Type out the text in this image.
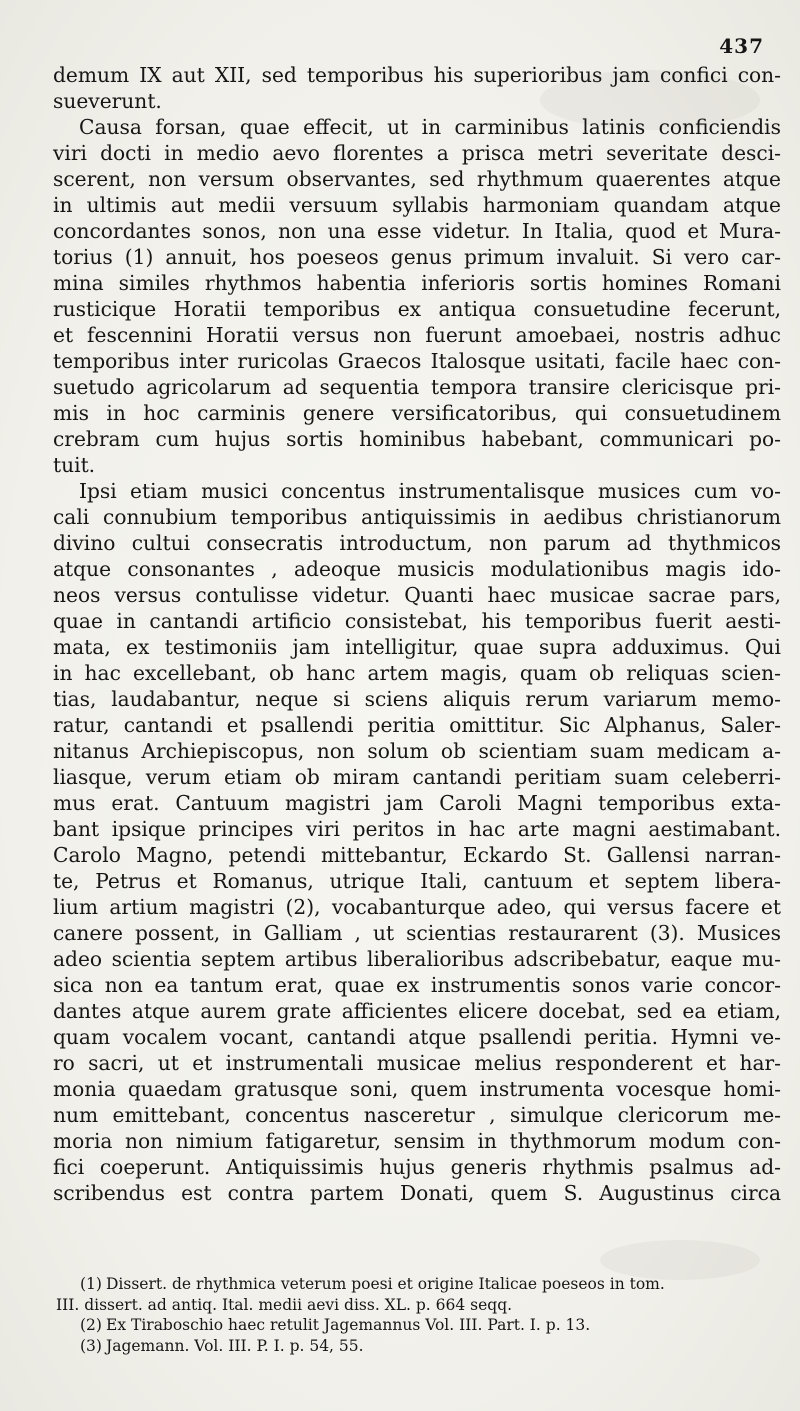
437
demum IX aut XII, sed temporibus his superioribus jam confici con-
sueverunt.
Causa forsan, quae effecit, ut in carminibus latinis conficiendis
viri docti in medio aevo florentes a prisca metri severitate desci-
scerent, non versum observantes, sed rhythmum quaerentes atque
in ultimis aut medii versuum syllabis harmoniam quandam atque
concordantes sonos, non una esse videtur. In Italia, quod et Mura-
torius (1) annuit, hos poeseos genus primum invaluit. Si vero car-
mina similes rhythmos habentia inferioris sortis homines Romani
rusticique Horatii temporibus ex antiqua consuetudine fecerunt,
et fescennini Horatii versus non fuerunt amoebaei, nostris adhuc
temporibus inter ruricolas Graecos Italosque usitati, facile haec con-
suetudo agricolarum ad sequentia tempora transire clericisque pri-
mis in hoc carminis genere versificatoribus, qui consuetudinem
crebram cum hujus sortis hominibus habebant, communicari po-
tuit.
Ipsi etiam musici concentus instrumentalisque musices cum vo-
cali connubium temporibus antiquissimis in aedibus christianorum
divino cultui consecratis introductum, non parum ad thythmicos
atque consonantes , adeoque musicis modulationibus magis ido-
neos versus contulisse videtur. Quanti haec musicae sacrae pars,
quae in cantandi artificio consistebat, his temporibus fuerit aesti-
mata, ex testimoniis jam intelligitur, quae supra adduximus. Qui
in hac excellebant, ob hanc artem magis, quam ob reliquas scien-
tias, laudabantur, neque si sciens aliquis rerum variarum memo-
ratur, cantandi et psallendi peritia omittitur. Sic Alphanus, Saler-
nitanus Archiepiscopus, non solum ob scientiam suam medicam a-
liasque, verum etiam ob miram cantandi peritiam suam celeberri-
mus erat. Cantuum magistri jam Caroli Magni temporibus exta-
bant ipsique principes viri peritos in hac arte magni aestimabant.
Carolo Magno, petendi mittebantur, Eckardo St. Gallensi narran-
te, Petrus et Romanus, utrique Itali, cantuum et septem libera-
lium artium magistri (2), vocabanturque adeo, qui versus facere et
canere possent, in Galliam , ut scientias restaurarent (3). Musices
adeo scientia septem artibus liberalioribus adscribebatur, eaque mu-
sica non ea tantum erat, quae ex instrumentis sonos varie concor-
dantes atque aurem grate afficientes elicere docebat, sed ea etiam,
quam vocalem vocant, cantandi atque psallendi peritia. Hymni ve-
ro sacri, ut et instrumentali musicae melius responderent et har-
monia quaedam gratusque soni, quem instrumenta vocesque homi-
num emittebant, concentus nasceretur , simulque clericorum me-
moria non nimium fatigaretur, sensim in thythmorum modum con-
fici coeperunt. Antiquissimis hujus generis rhythmis psalmus ad-
scribendus est contra partem Donati, quem S. Augustinus circa
(1) Dissert. de rhythmica veterum poesi et origine Italicae poeseos in tom.
III. dissert. ad antiq. Ital. medii aevi diss. XL. p. 664 seqq.
(2) Ex Tiraboschio haec retulit Jagemannus Vol. III. Part. I. p. 13.
(3) Jagemann. Vol. III. P. I. p. 54, 55.
